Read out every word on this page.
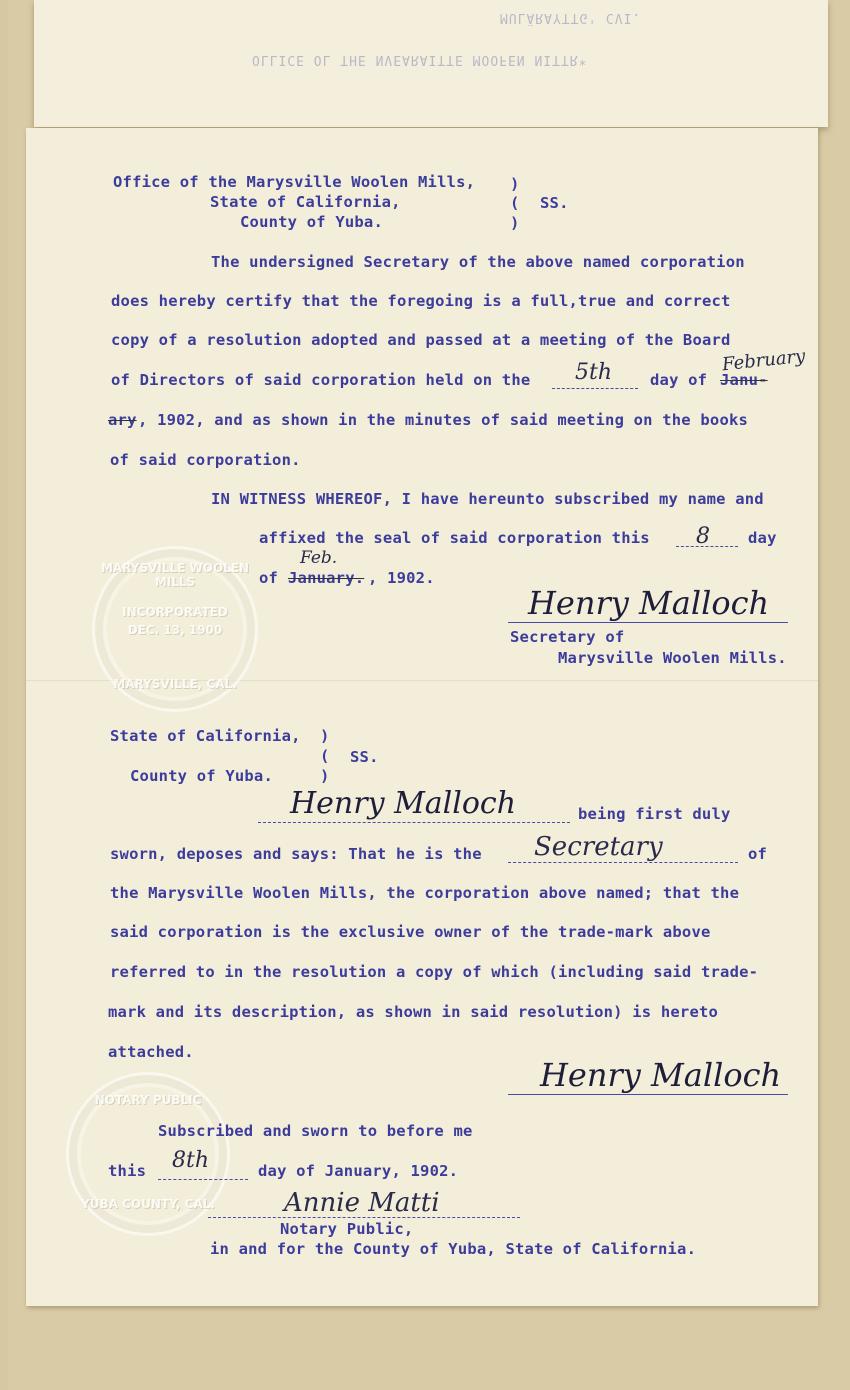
MULÄRAYTTG' CVI.
OLLICE OL THE NVEARAITTE MOOFEN NITTR*
MARYSVILLE WOOLEN MILLS
INCORPORATED
DEC. 13, 1900
MARYSVILLE, CAL.
NOTARY PUBLIC
YUBA COUNTY, CAL.
Office of the Marysville Woolen Mills,
State of California,
County of Yuba.
)
(
)
SS.
The undersigned Secretary of the above named corporation
does hereby certify that the foregoing is a full,true and correct
copy of a resolution adopted and passed at a meeting of the Board
of Directors of said corporation held on the 5th day of Janu-
February
ary , 1902, and as shown in the minutes of said meeting on the books
of said corporation.
IN WITNESS WHEREOF, I have hereunto subscribed my name and
affixed the seal of said corporation this 8 day
of January.
Feb.
, 1902.
Henry Malloch
Secretary of
Marysville Woolen Mills.
State of California,
County of Yuba.
)
(
)
SS.
Henry Malloch	being first duly
sworn, deposes and says: That he is the Secretary	of
the Marysville Woolen Mills, the corporation above named; that the
said corporation is the exclusive owner of the trade-mark above
referred to in the resolution a copy of which (including said trade-
mark and its description, as shown in said resolution) is hereto
attached.
Henry Malloch
Subscribed and sworn to before me
this 8th	day of January, 1902.
Annie Matti
Notary Public,
in and for the County of Yuba, State of California.
